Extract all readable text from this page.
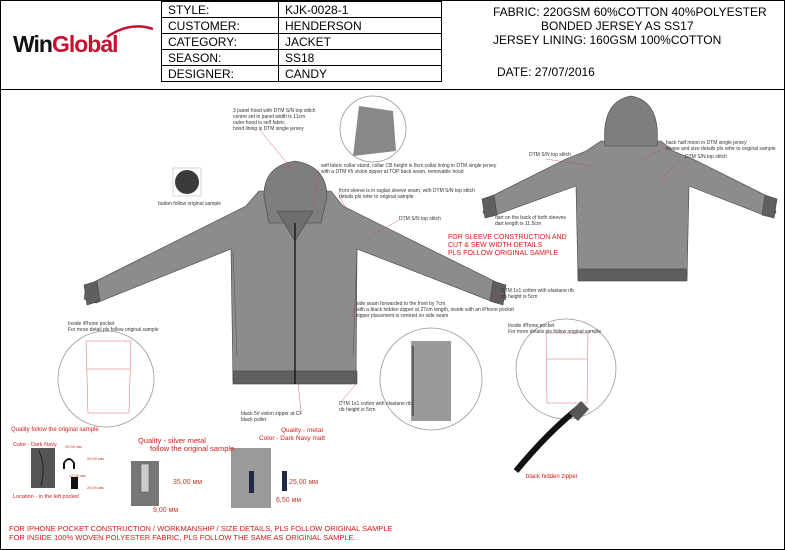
WinGlobal
STYLE:	KJK-0028-1
CUSTOMER:	HENDERSON
CATEGORY:	JACKET
SEASON:	SS18
DESIGNER:	CANDY
FABRIC: 220GSM 60%COTTON 40%POLYESTER
BONDED JERSEY AS SS17
JERSEY LINING: 160GSM 100%COTTON
DATE: 27/07/2016
3 panel hood with DTM S/N top stitch
centre set in panel width is 11cm
outer hood is self fabric
hood lining is DTM single jersey
self fabric collar stand, collar CB height is 8cm,collar lining in DTM single jersey
with a DTM #5 vislon zipper at TOP back seam, removable hood
front sleeve is in raglan sleeve seam, with DTM S/N top stitch
details pls refer to original sample
button follow original sample
DTM S/N top stitch
DTM S/N top stitch
back half moon in DTM single jersey
shape and size details pls refer to original sample
DTM S/N top stitch
dart on the back of both sleeves
dart length is 11.5cm
FOR SLEEVE CONSTRUCTION AND
CUT & SEW WIDTH DETAILS
PLS FOLLOW ORIGINAL SAMPLE
DTM 1x1 cotton with elastane rib
rib height is 5cm
side seam forwarded to the front by 7cm
with a black hidden zipper at 27cm length, inside with an iPhone pocket
zipper placement is centred on side seam
Inside iPhone pocket
For more detail pls follow original sample
Inside iPhone pocket
For more details pls follow original sample
black 5# vislon zipper at CF
black puller
DTM 1x1 cotton with elastane rib
rib height is 5cm
Quality follow the original sample
Color - Dark Navy
Location - in the left pocket
Quality - silver metal
follow the original sample.
Quality - metal
Color - Dark Navy matt
black hidden zipper
35,00 мм
9,00 мм
25,00 мм
6,50 мм
25,00 мм
25,00 мм
12,00 мм
25,00 мм
FOR IPHONE POCKET CONSTRUCTION / WORKMANSHIP / SIZE DETAILS, PLS FOLLOW ORIGINAL SAMPLE
FOR INSIDE 100% WOVEN POLYESTER FABRIC, PLS FOLLOW THE SAME AS ORIGINAL SAMPLE.
